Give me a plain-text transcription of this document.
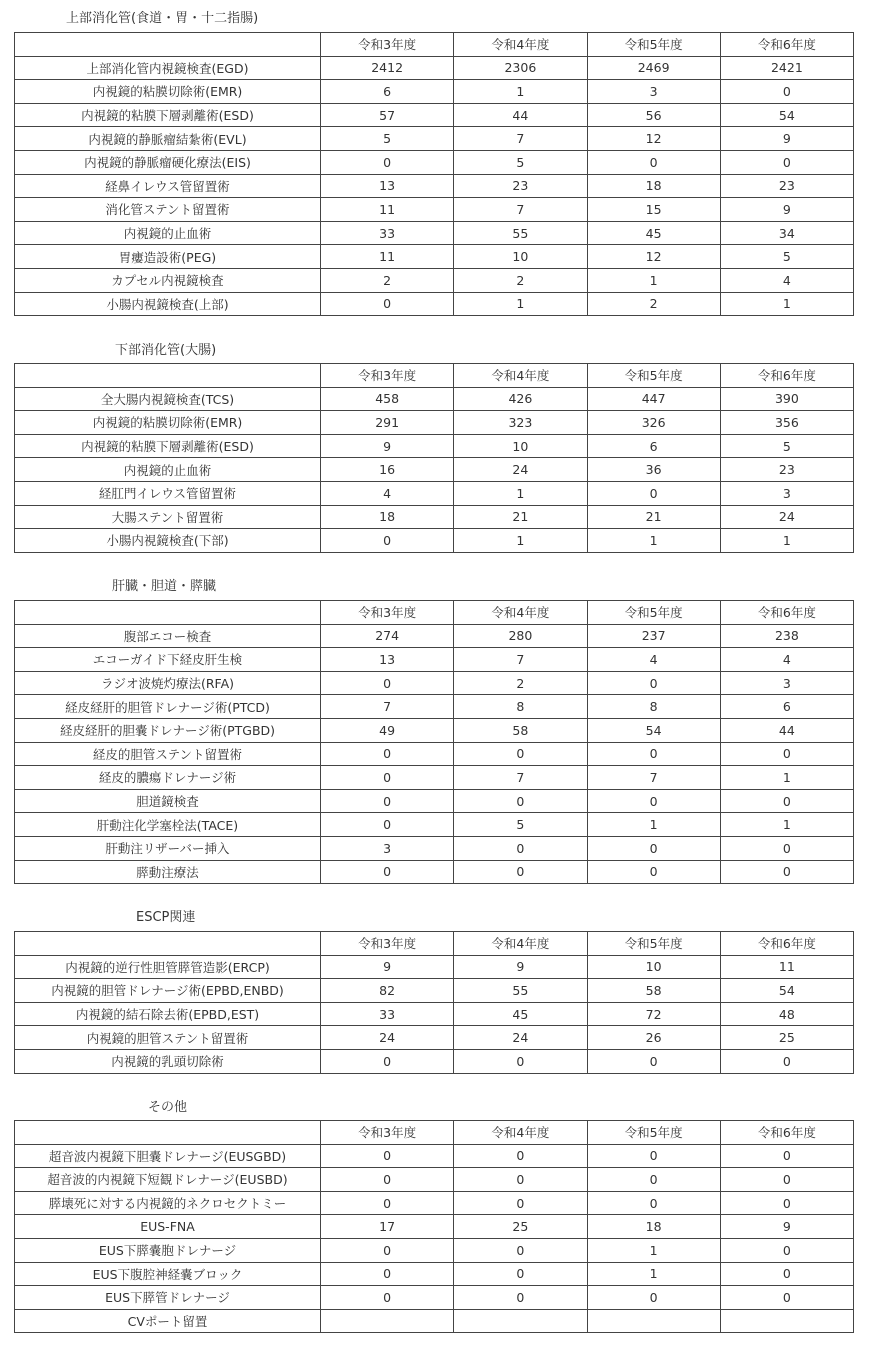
上部消化管(食道・胃・十二指腸)
	令和3年度	令和4年度	令和5年度	令和6年度
上部消化管内視鏡検査(EGD)	2412	2306	2469	2421
内視鏡的粘膜切除術(EMR)	6	1	3	0
内視鏡的粘膜下層剥離術(ESD)	57	44	56	54
内視鏡的静脈瘤結紮術(EVL)	5	7	12	9
内視鏡的静脈瘤硬化療法(EIS)	0	5	0	0
経鼻イレウス管留置術	13	23	18	23
消化管ステント留置術	11	7	15	9
内視鏡的止血術	33	55	45	34
胃瘻造設術(PEG)	11	10	12	5
カプセル内視鏡検査	2	2	1	4
小腸内視鏡検査(上部)	0	1	2	1
下部消化管(大腸)
	令和3年度	令和4年度	令和5年度	令和6年度
全大腸内視鏡検査(TCS)	458	426	447	390
内視鏡的粘膜切除術(EMR)	291	323	326	356
内視鏡的粘膜下層剥離術(ESD)	9	10	6	5
内視鏡的止血術	16	24	36	23
経肛門イレウス管留置術	4	1	0	3
大腸ステント留置術	18	21	21	24
小腸内視鏡検査(下部)	0	1	1	1
肝臓・胆道・膵臓
	令和3年度	令和4年度	令和5年度	令和6年度
腹部エコー検査	274	280	237	238
エコーガイド下経皮肝生検	13	7	4	4
ラジオ波焼灼療法(RFA)	0	2	0	3
経皮経肝的胆管ドレナージ術(PTCD)	7	8	8	6
経皮経肝的胆嚢ドレナージ術(PTGBD)	49	58	54	44
経皮的胆管ステント留置術	0	0	0	0
経皮的膿瘍ドレナージ術	0	7	7	1
胆道鏡検査	0	0	0	0
肝動注化学塞栓法(TACE)	0	5	1	1
肝動注リザーバー挿入	3	0	0	0
膵動注療法	0	0	0	0
ESCP関連
	令和3年度	令和4年度	令和5年度	令和6年度
内視鏡的逆行性胆管膵管造影(ERCP)	9	9	10	11
内視鏡的胆管ドレナージ術(EPBD,ENBD)	82	55	58	54
内視鏡的結石除去術(EPBD,EST)	33	45	72	48
内視鏡的胆管ステント留置術	24	24	26	25
内視鏡的乳頭切除術	0	0	0	0
その他
	令和3年度	令和4年度	令和5年度	令和6年度
超音波内視鏡下胆嚢ドレナージ(EUSGBD)	0	0	0	0
超音波的内視鏡下短観ドレナージ(EUSBD)	0	0	0	0
膵壊死に対する内視鏡的ネクロセクトミー	0	0	0	0
EUS-FNA	17	25	18	9
EUS下膵嚢胞ドレナージ	0	0	1	0
EUS下腹腔神経嚢ブロック	0	0	1	0
EUS下膵管ドレナージ	0	0	0	0
CVポート留置				
